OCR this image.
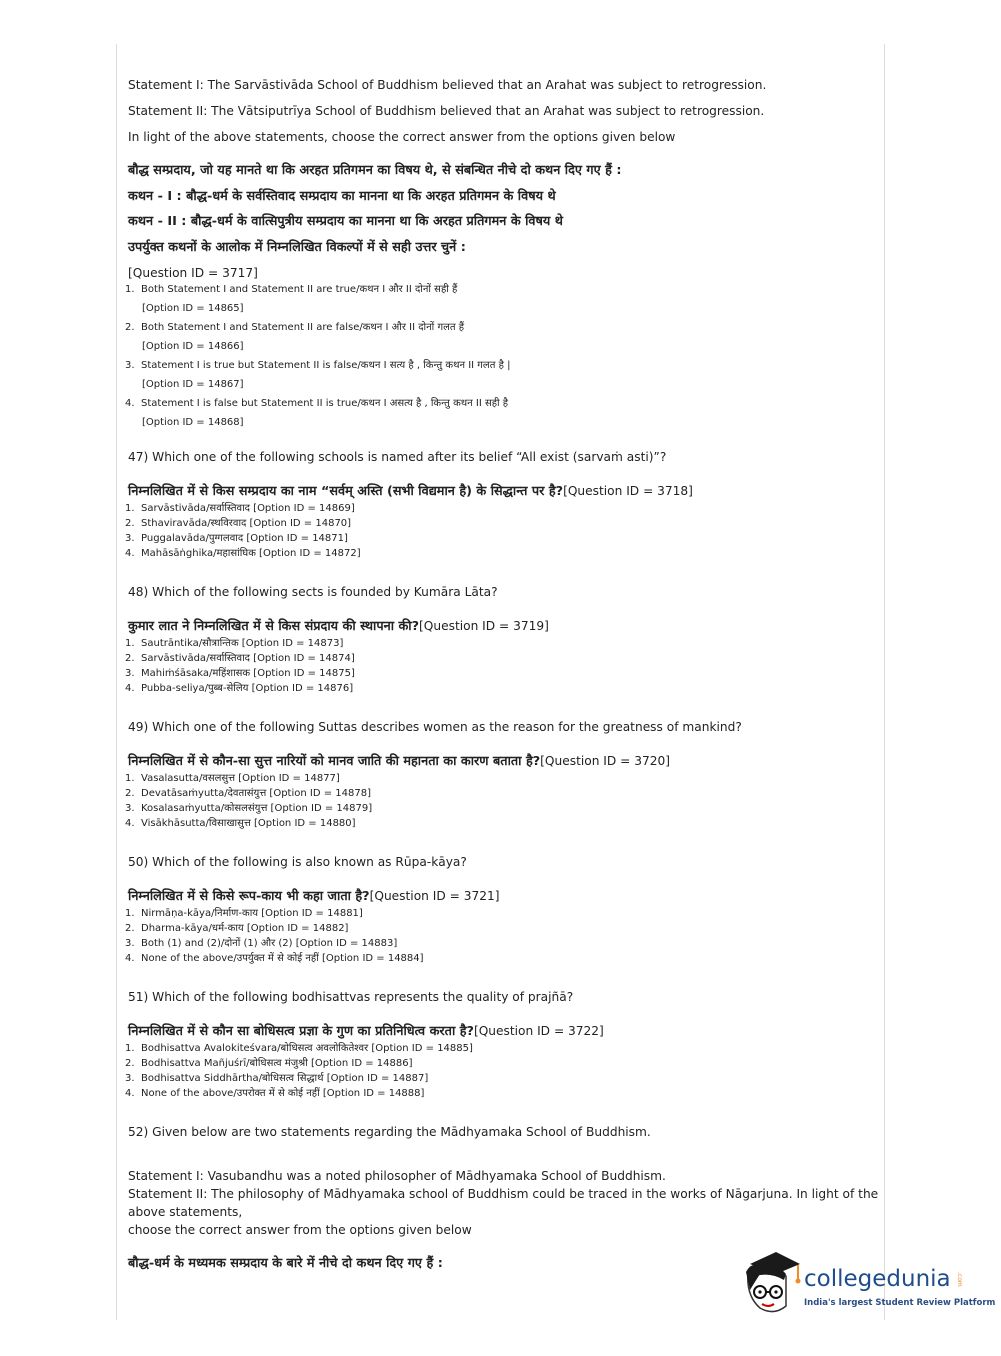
Statement I: The Sarvāstivāda School of Buddhism believed that an Arahat was subject to retrogression.

Statement II: The Vātsiputrīya School of Buddhism believed that an Arahat was subject to retrogression.

In light of the above statements, choose the correct answer from the options given below

बौद्ध सम्प्रदाय, जो यह मानते था कि अरहत प्रतिगमन का विषय थे, से संबन्धित नीचे दो कथन दिए गए हैं :

कथन - I : बौद्ध-धर्म के सर्वस्तिवाद सम्प्रदाय का मानना था कि अरहत प्रतिगमन के विषय थे

कथन - II : बौद्ध-धर्म के वात्सिपुत्रीय सम्प्रदाय का मानना था कि अरहत प्रतिगमन के विषय थे

उपर्युक्त कथनों के आलोक में निम्नलिखित विकल्पों में से सही उत्तर चुनें :

[Question ID = 3717]

1. Both Statement I and Statement II are true/कथन I और II दोनों सही हैं

[Option ID = 14865]

2. Both Statement I and Statement II are false/कथन I और II दोनों गलत हैं

[Option ID = 14866]

3. Statement I is true but Statement II is false/कथन I सत्य है , किन्तु कथन II गलत है |

[Option ID = 14867]

4. Statement I is false but Statement II is true/कथन I असत्य है , किन्तु कथन II सही है

[Option ID = 14868]

47) Which one of the following schools is named after its belief “All exist (sarvaṁ asti)”?

निम्नलिखित में से किस सम्प्रदाय का नाम “सर्वम् अस्ति (सभी विद्यमान है) के सिद्धान्त पर है?[Question ID = 3718]

1. Sarvāstivāda/सर्वास्तिवाद [Option ID = 14869]
2. Sthaviravāda/स्थविरवाद [Option ID = 14870]
3. Puggalavāda/पुग्गलवाद [Option ID = 14871]
4. Mahāsāṅghika/महासांघिक [Option ID = 14872]

48) Which of the following sects is founded by Kumāra Lāta?

कुमार लात ने निम्नलिखित में से किस संप्रदाय की स्थापना की?[Question ID = 3719]

1. Sautrāntika/सौत्रान्तिक [Option ID = 14873]
2. Sarvāstivāda/सर्वास्तिवाद [Option ID = 14874]
3. Mahiṁśāsaka/महिंशासक [Option ID = 14875]
4. Pubba-seliya/पुब्ब-सेलिय [Option ID = 14876]

49) Which one of the following Suttas describes women as the reason for the greatness of mankind?

निम्नलिखित में से कौन-सा सुत्त नारियों को मानव जाति की महानता का कारण बताता है?[Question ID = 3720]

1. Vasalasutta/वसलसुत्त [Option ID = 14877]
2. Devatāsaṁyutta/देवतासंयुत्त [Option ID = 14878]
3. Kosalasaṁyutta/कोसलसंयुत्त [Option ID = 14879]
4. Visākhāsutta/विसाखासुत्त [Option ID = 14880]

50) Which of the following is also known as Rūpa-kāya?

निम्नलिखित में से किसे रूप-काय भी कहा जाता है?[Question ID = 3721]

1. Nirmāṇa-kāya/निर्माण-काय [Option ID = 14881]
2. Dharma-kāya/धर्म-काय [Option ID = 14882]
3. Both (1) and (2)/दोनों (1) और (2) [Option ID = 14883]
4. None of the above/उपर्युक्त में से कोई नहीं [Option ID = 14884]

51) Which of the following bodhisattvas represents the quality of prajñā?

निम्नलिखित में से कौन सा बोधिसत्व प्रज्ञा के गुण का प्रतिनिधित्व करता है?[Question ID = 3722]

1. Bodhisattva Avalokiteśvara/बोधिसत्व अवलोकितेश्वर [Option ID = 14885]
2. Bodhisattva Mañjuśrī/बोधिसत्व मंजुश्री [Option ID = 14886]
3. Bodhisattva Siddhārtha/बोधिसत्व सिद्धार्थ [Option ID = 14887]
4. None of the above/उपरोक्त में से कोई नहीं [Option ID = 14888]

52) Given below are two statements regarding the Mādhyamaka School of Buddhism.

Statement I: Vasubandhu was a noted philosopher of Mādhyamaka School of Buddhism.

Statement II: The philosophy of Mādhyamaka school of Buddhism could be traced in the works of Nāgarjuna. In light of the

above statements,

choose the correct answer from the options given below

बौद्ध-धर्म के मध्यमक सम्प्रदाय के बारे में नीचे दो कथन दिए गए हैं :

collegedunia .com
India's largest Student Review Platform
